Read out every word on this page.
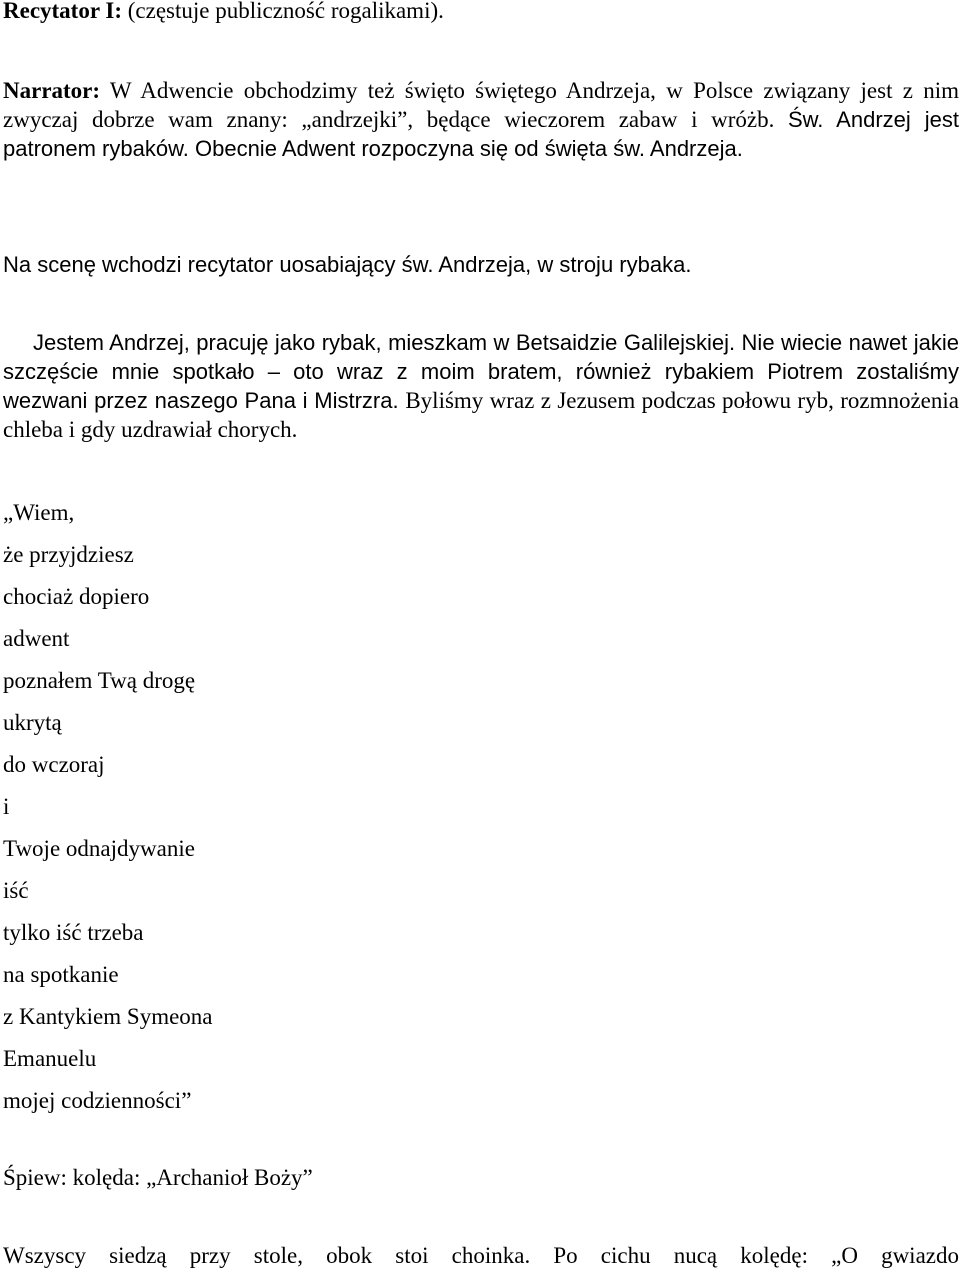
Recytator I: (częstuje publiczność rogalikami).
Narrator: W Adwencie obchodzimy też święto świętego Andrzeja, w Polsce związany jest z nim zwyczaj dobrze wam znany: „andrzejki”, będące wieczorem zabaw i wróżb. Św. Andrzej jest patronem rybaków. Obecnie Adwent rozpoczyna się od święta św. Andrzeja.
Na scenę wchodzi recytator uosabiający św. Andrzeja, w stroju rybaka.
Jestem Andrzej, pracuję jako rybak, mieszkam w Betsaidzie Galilejskiej. Nie wiecie nawet jakie szczęście mnie spotkało – oto wraz z moim bratem, również rybakiem Piotrem zostaliśmy wezwani przez naszego Pana i Mistrzra. Byliśmy wraz z Jezusem podczas połowu ryb, rozmnożenia chleba i gdy uzdrawiał chorych.
„Wiem,
że przyjdziesz
chociaż dopiero
adwent
poznałem Twą drogę
ukrytą
do wczoraj
i
Twoje odnajdywanie
iść
tylko iść trzeba
na spotkanie
z Kantykiem Symeona
Emanuelu
mojej codzienności”
Śpiew: kolęda: „Archanioł Boży”
Wszyscy siedzą przy stole, obok stoi choinka. Po cichu nucą kolędę: „O gwiazdo
